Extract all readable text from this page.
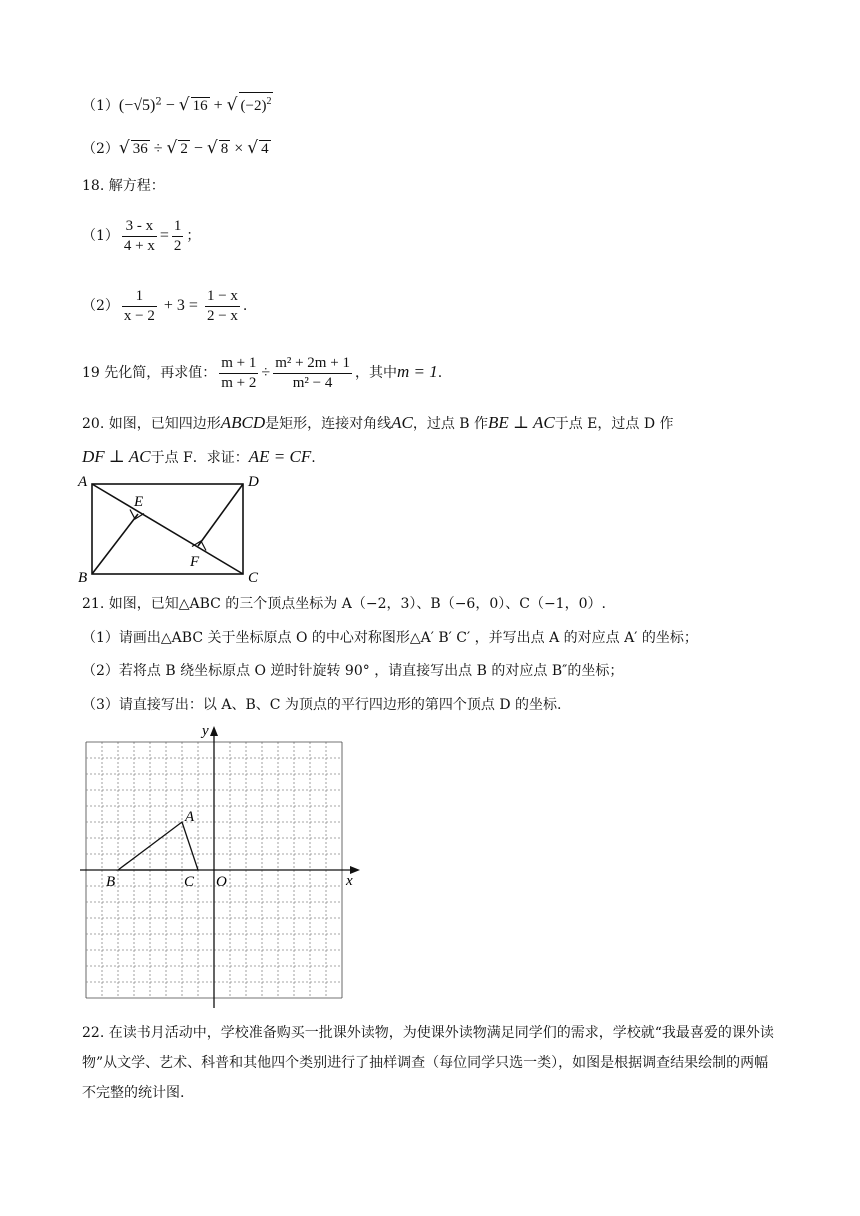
$(1)(-√5)^2$ − √ 16 + √ $(-2)^2$
（2）√ 36 ÷ √ 2 − √ 8 × √ 4
18. 解方程：
$(1) \frac{3 - x}{4 + x} = \frac{1}{2}$ ；
$(2) \frac{1}{x - 2} + 3 = \frac{1 - x}{2 - x}$ .
19 先化简，再求值： $\frac{m + 1}{m + 2} \div \frac{\text{m² + 2m + 1}}{\text{m² − 4}}$ ，其中m = 1.
20. 如图，已知四边形ABCD是矩形，连接对角线AC，过点 B 作BE ⊥ AC于点 E，过点 D 作
DF ⊥ AC于点 F．求证：AE = CF.
A
B	C
D
E
F
21. 如图，已知△ABC 的三个顶点坐标为 A（−2，3）、B（−6，0）、C（−1，0）.
（1）请画出△ABC 关于坐标原点 O 的中心对称图形△A′ B′ C′ ，并写出点 A 的对应点 A′ 的坐标；
（2）若将点 B 绕坐标原点 O 逆时针旋转 90° ，请直接写出点 B 的对应点 B″的坐标；
（3）请直接写出：以 A、B、C 为顶点的平行四边形的第四个顶点 D 的坐标.
y
x
A
B	C O
22. 在读书月活动中，学校准备购买一批课外读物，为使课外读物满足同学们的需求，学校就“我最喜爱的课外读物”从文学、艺术、科普和其他四个类别进行了抽样调查（每位同学只选一类），如图是根据调查结果绘制的两幅不完整的统计图.
